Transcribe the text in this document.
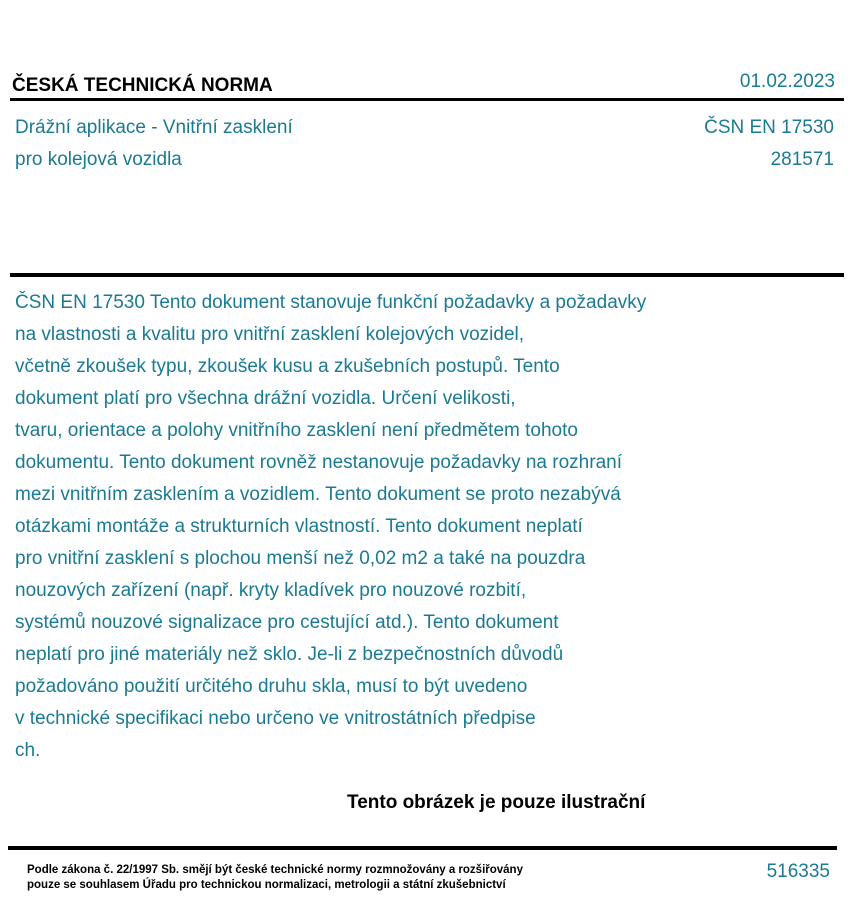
ČESKÁ TECHNICKÁ NORMA	01.02.2023
Drážní aplikace - Vnitřní zasklení
pro kolejová vozidla
ČSN EN 17530
281571
ČSN EN 17530 Tento dokument stanovuje funkční požadavky a požadavky
na vlastnosti a kvalitu pro vnitřní zasklení kolejových vozidel,
včetně zkoušek typu, zkoušek kusu a zkušebních postupů. Tento
dokument platí pro všechna drážní vozidla. Určení velikosti,
tvaru, orientace a polohy vnitřního zasklení není předmětem tohoto
dokumentu. Tento dokument rovněž nestanovuje požadavky na rozhraní
mezi vnitřním zasklením a vozidlem. Tento dokument se proto nezabývá
otázkami montáže a strukturních vlastností. Tento dokument neplatí
pro vnitřní zasklení s plochou menší než 0,02 m2 a také na pouzdra
nouzových zařízení (např. kryty kladívek pro nouzové rozbití,
systémů nouzové signalizace pro cestující atd.). Tento dokument
neplatí pro jiné materiály než sklo. Je-li z bezpečnostních důvodů
požadováno použití určitého druhu skla, musí to být uvedeno
v technické specifikaci nebo určeno ve vnitrostátních předpise
ch.
Tento obrázek je pouze ilustrační
Podle zákona č. 22/1997 Sb. smějí být české technické normy rozmnožovány a rozšiřovány
pouze se souhlasem Úřadu pro technickou normalizaci, metrologii a státní zkušebnictví
516335
